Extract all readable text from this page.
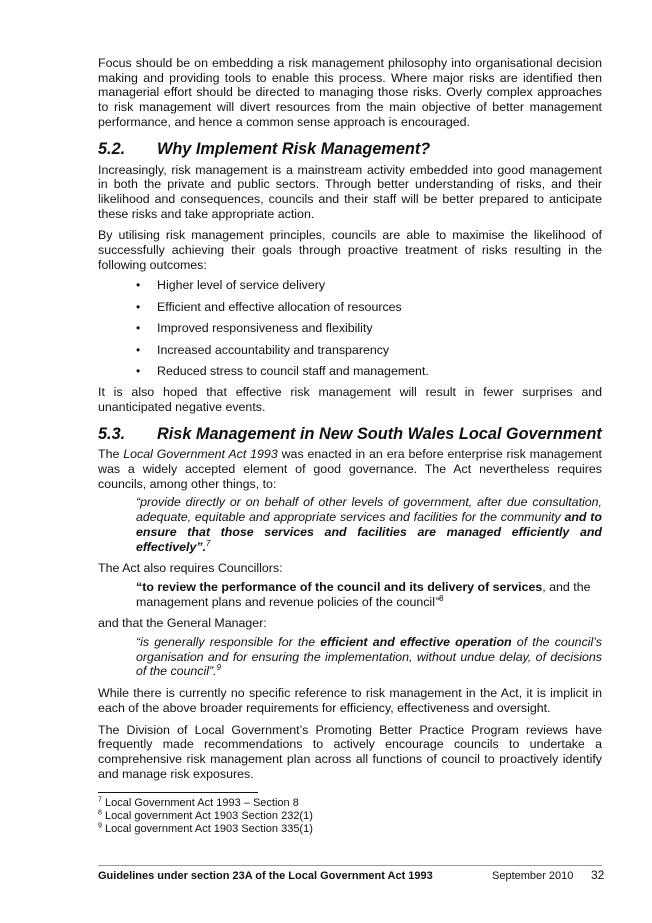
Focus should be on embedding a risk management philosophy into organisational decision making and providing tools to enable this process. Where major risks are identified then managerial effort should be directed to managing those risks. Overly complex approaches to risk management will divert resources from the main objective of better management performance, and hence a common sense approach is encouraged.

5.2.	Why Implement Risk Management?

Increasingly, risk management is a mainstream activity embedded into good management in both the private and public sectors. Through better understanding of risks, and their likelihood and consequences, councils and their staff will be better prepared to anticipate these risks and take appropriate action.

By utilising risk management principles, councils are able to maximise the likelihood of successfully achieving their goals through proactive treatment of risks resulting in the following outcomes:

• Higher level of service delivery
• Efficient and effective allocation of resources
• Improved responsiveness and flexibility
• Increased accountability and transparency
• Reduced stress to council staff and management.

It is also hoped that effective risk management will result in fewer surprises and unanticipated negative events.

5.3.	Risk Management in New South Wales Local Government

The Local Government Act 1993 was enacted in an era before enterprise risk management was a widely accepted element of good governance. The Act nevertheless requires councils, among other things, to:

“provide directly or on behalf of other levels of government, after due consultation, adequate, equitable and appropriate services and facilities for the community and to ensure that those services and facilities are managed efficiently and effectively”.$^7$

The Act also requires Councillors:

“to review the performance of the council and its delivery of services, and the management plans and revenue policies of the council”$^8$

and that the General Manager:

“is generally responsible for the efficient and effective operation of the council’s organisation and for ensuring the implementation, without undue delay, of decisions of the council”.$^9$

While there is currently no specific reference to risk management in the Act, it is implicit in each of the above broader requirements for efficiency, effectiveness and oversight.

The Division of Local Government’s Promoting Better Practice Program reviews have frequently made recommendations to actively encourage councils to undertake a comprehensive risk management plan across all functions of council to proactively identify and manage risk exposures.

$^7$ Local Government Act 1993 – Section 8
$^8$ Local government Act 1903 Section 232(1)
$^9$ Local government Act 1903 Section 335(1)
Guidelines under section 23A of the Local Government Act 1993	September 2010 32
